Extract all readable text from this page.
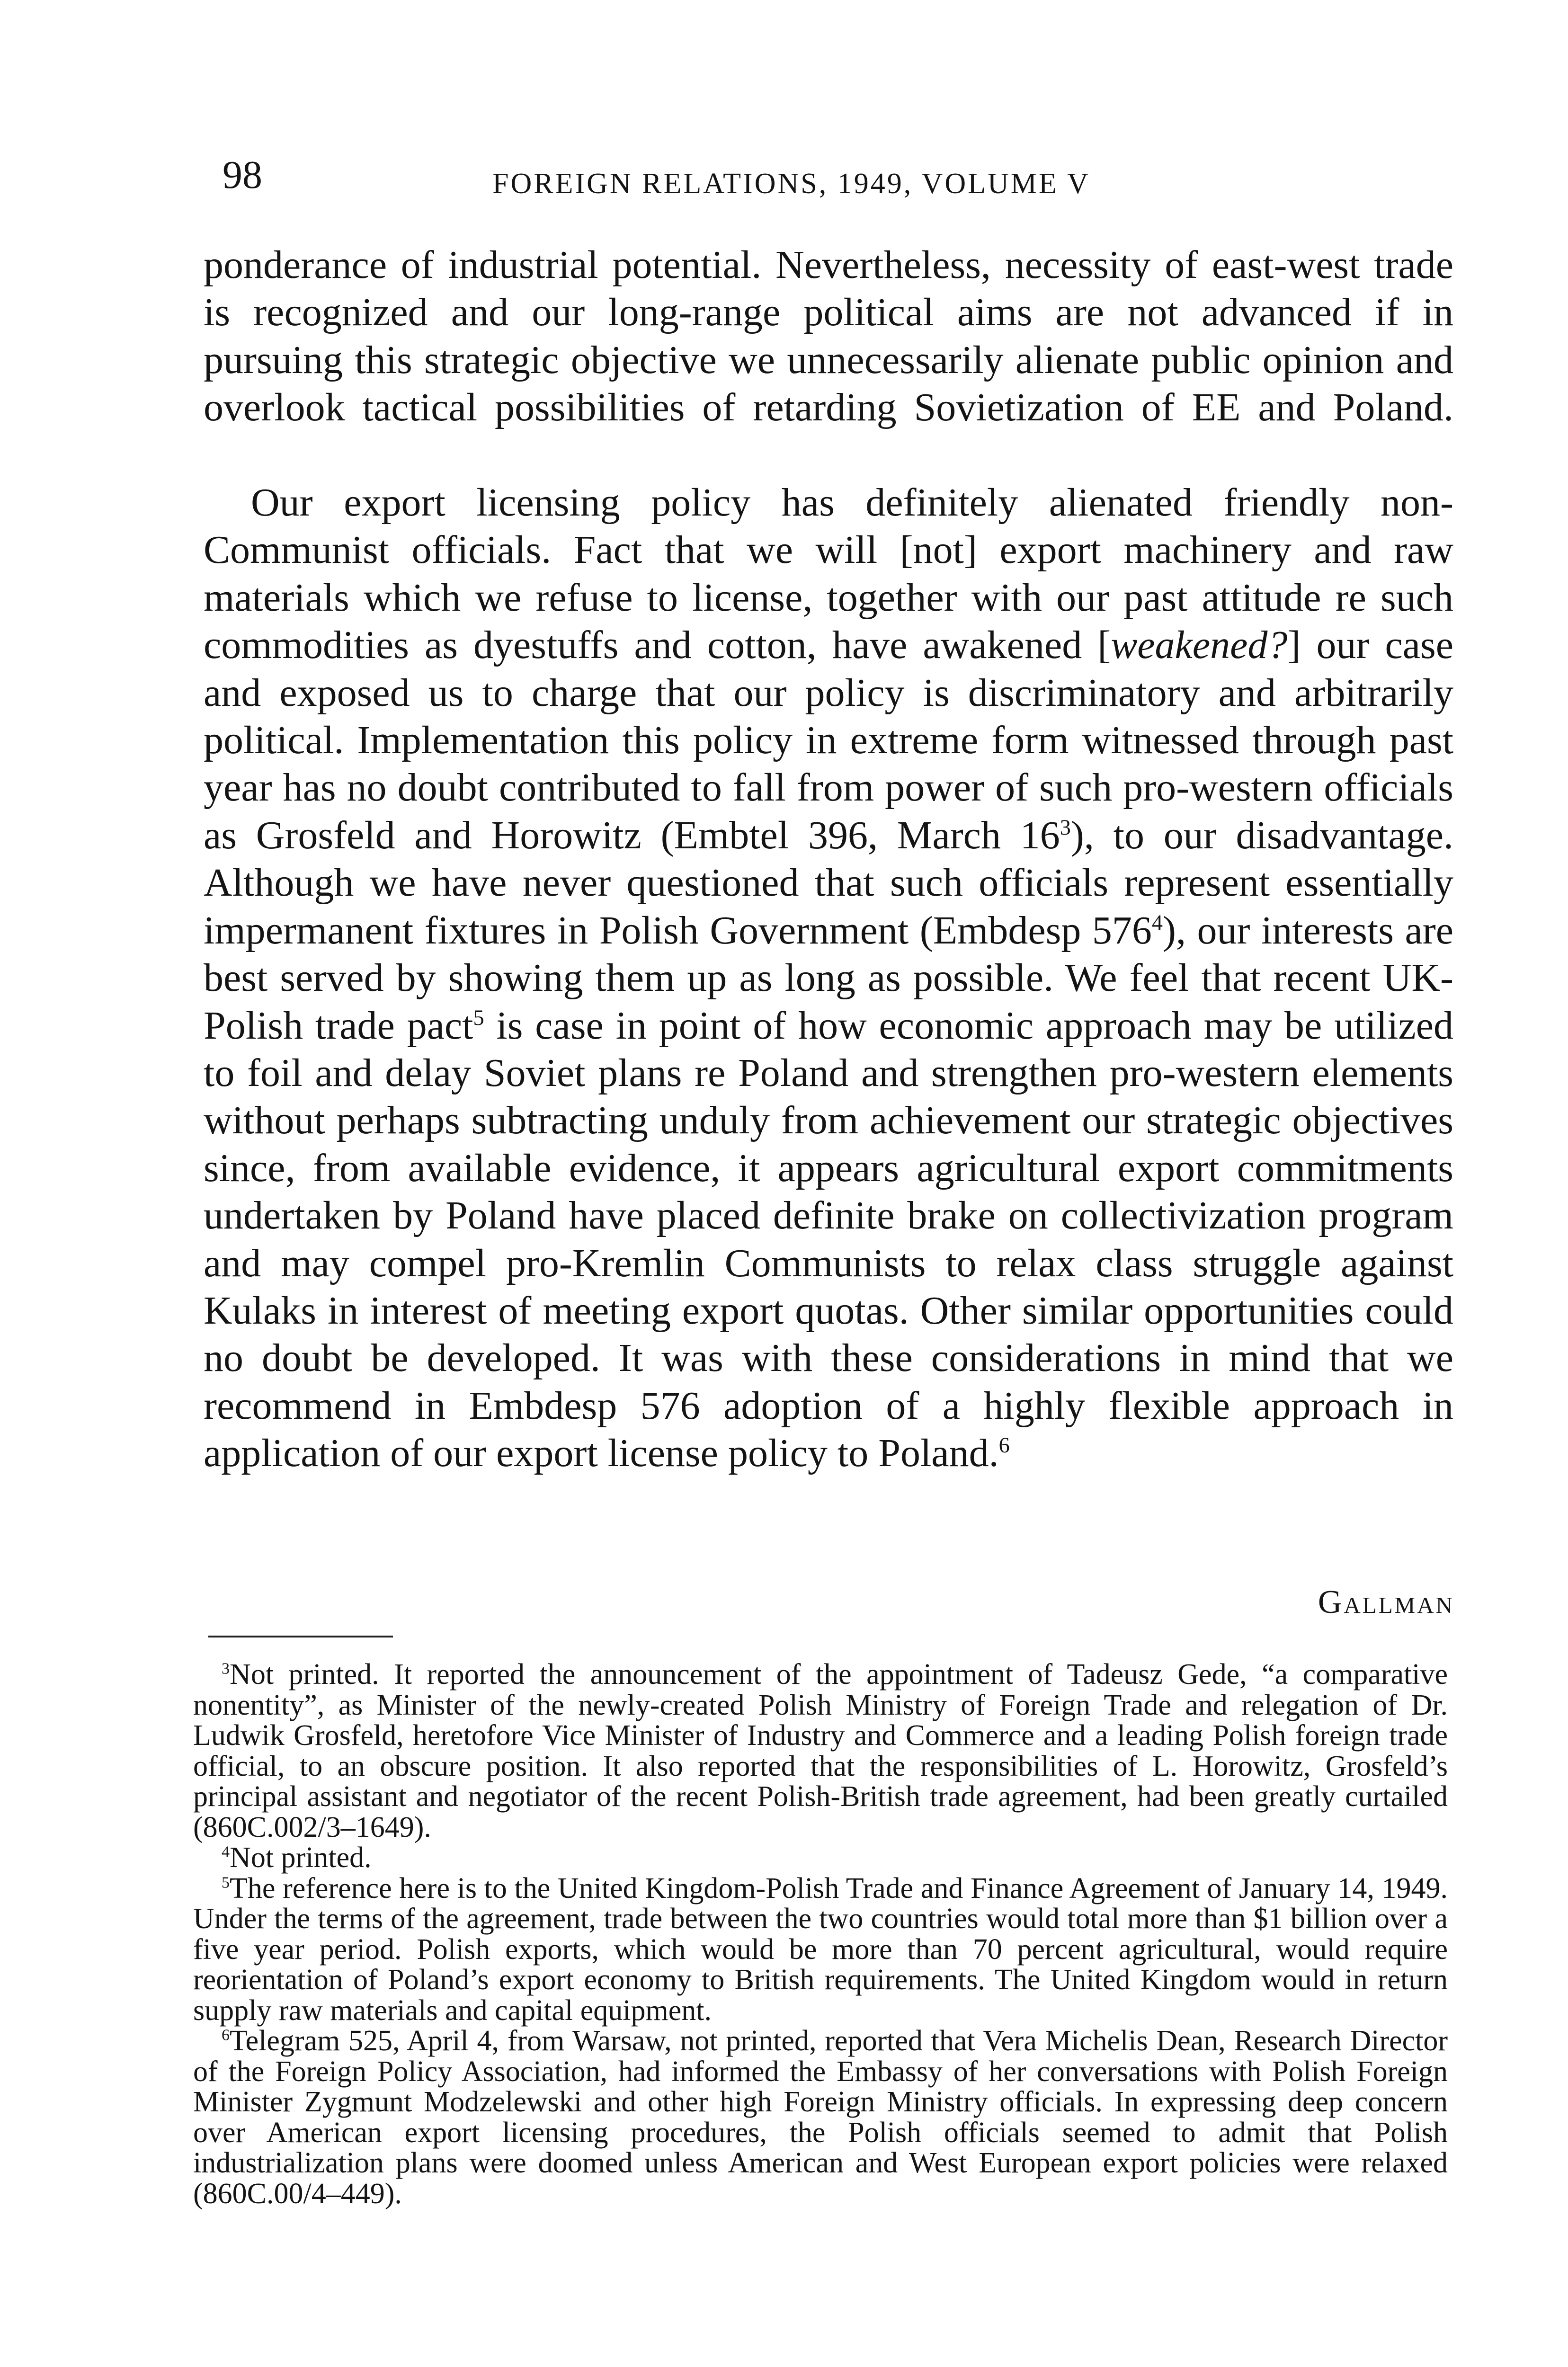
98	FOREIGN RELATIONS, 1949, VOLUME V

ponderance of industrial potential. Nevertheless, necessity of east-west trade is recognized and our long-range political aims are not advanced if in pursuing this strategic objective we unnecessarily alienate public opinion and overlook tactical possibilities of retarding Sovietization of EE and Poland.

Our export licensing policy has definitely alienated friendly non-Communist officials. Fact that we will [not] export machinery and raw materials which we refuse to license, together with our past attitude re such commodities as dyestuffs and cotton, have awakened [weakened?] our case and exposed us to charge that our policy is discriminatory and arbitrarily political. Implementation this policy in extreme form witnessed through past year has no doubt contributed to fall from power of such pro-western officials as Grosfeld and Horowitz (Embtel 396, March $16^3$), to our disadvantage. Although we have never questioned that such officials represent essentially impermanent fixtures in Polish Government (Embdesp $576^4$), our interests are best served by showing them up as long as possible. We feel that recent UK-Polish trade pact$^5$ is case in point of how economic approach may be utilized to foil and delay Soviet plans re Poland and strengthen pro-western elements without perhaps subtracting unduly from achievement our strategic objectives since, from available evidence, it appears agricultural export commitments undertaken by Poland have placed definite brake on collectivization program and may compel pro-Kremlin Communists to relax class struggle against Kulaks in interest of meeting export quotas. Other similar opportunities could no doubt be developed. It was with these considerations in mind that we recommend in Embdesp 576 adoption of a highly flexible approach in application of our export license policy to Poland.$^6$

Gallman

$^3$Not printed. It reported the announcement of the appointment of Tadeusz Gede, “a comparative nonentity”, as Minister of the newly-created Polish Ministry of Foreign Trade and relegation of Dr. Ludwik Grosfeld, heretofore Vice Minister of Industry and Commerce and a leading Polish foreign trade official, to an obscure position. It also reported that the responsibilities of L. Horowitz, Grosfeld’s principal assistant and negotiator of the recent Polish-British trade agreement, had been greatly curtailed (860C.002/3–1649).

$^4$Not printed.

$^5$The reference here is to the United Kingdom-Polish Trade and Finance Agreement of January 14, 1949. Under the terms of the agreement, trade between the two countries would total more than $1 billion over a five year period. Polish exports, which would be more than 70 percent agricultural, would require reorientation of Poland’s export economy to British requirements. The United Kingdom would in return supply raw materials and capital equipment.

$^6$Telegram 525, April 4, from Warsaw, not printed, reported that Vera Michelis Dean, Research Director of the Foreign Policy Association, had informed the Embassy of her conversations with Polish Foreign Minister Zygmunt Modzelewski and other high Foreign Ministry officials. In expressing deep concern over American export licensing procedures, the Polish officials seemed to admit that Polish industrialization plans were doomed unless American and West European export policies were relaxed (860C.00/4–449).
